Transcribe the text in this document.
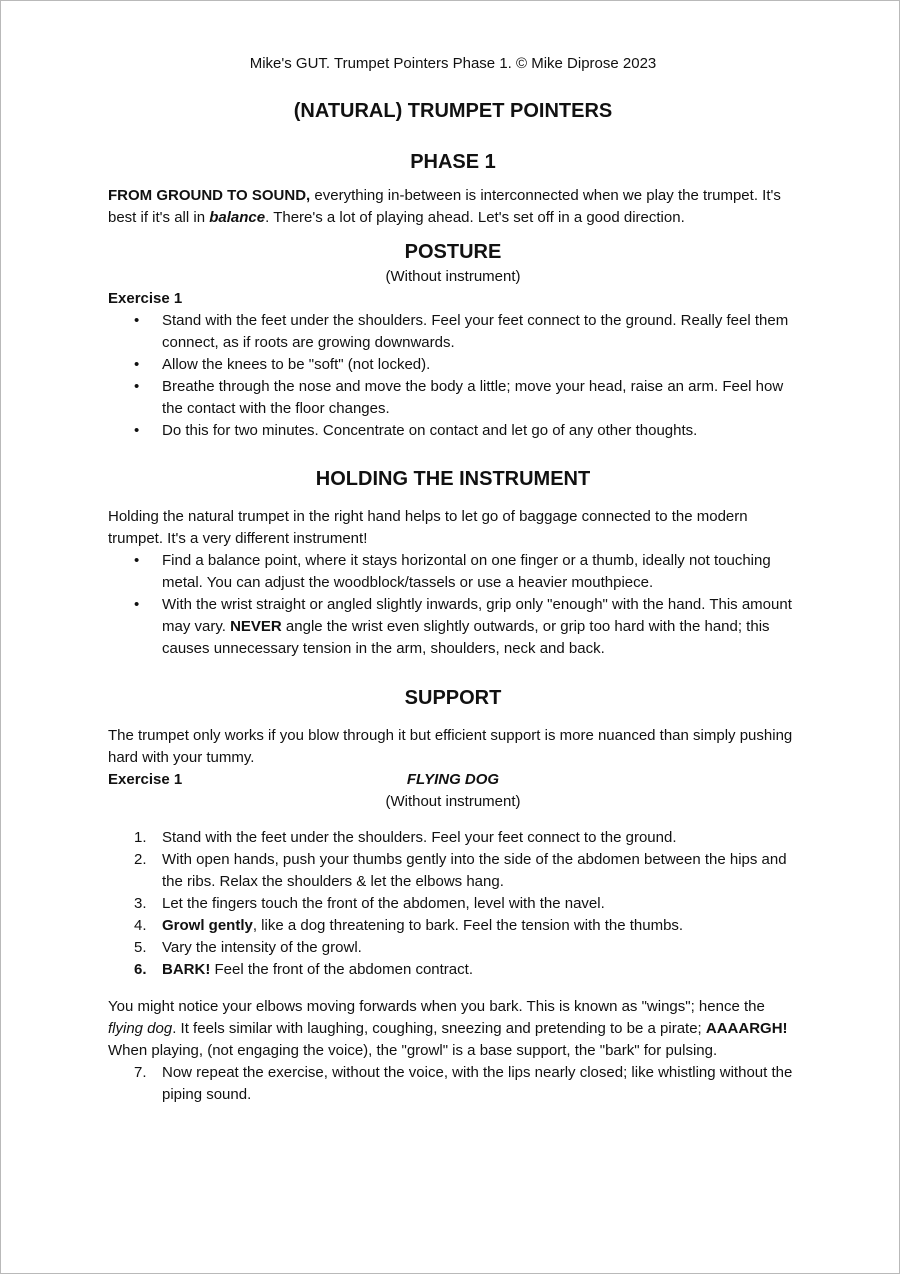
Mike's GUT. Trumpet Pointers Phase 1. © Mike Diprose 2023
(NATURAL) TRUMPET POINTERS
PHASE 1

FROM GROUND TO SOUND, everything in-between is interconnected when we play the trumpet. It's best if it's all in balance. There's a lot of playing ahead. Let's set off in a good direction.

POSTURE
(Without instrument)
Exercise 1
• Stand with the feet under the shoulders. Feel your feet connect to the ground. Really feel them connect, as if roots are growing downwards.
• Allow the knees to be "soft" (not locked).
• Breathe through the nose and move the body a little; move your head, raise an arm. Feel how the contact with the floor changes.
• Do this for two minutes. Concentrate on contact and let go of any other thoughts.
HOLDING THE INSTRUMENT

Holding the natural trumpet in the right hand helps to let go of baggage connected to the modern trumpet. It's a very different instrument!

• Find a balance point, where it stays horizontal on one finger or a thumb, ideally not touching metal. You can adjust the woodblock/tassels or use a heavier mouthpiece.
• With the wrist straight or angled slightly inwards, grip only "enough" with the hand. This amount may vary. NEVER angle the wrist even slightly outwards, or grip too hard with the hand; this causes unnecessary tension in the arm, shoulders, neck and back.
SUPPORT

The trumpet only works if you blow through it but efficient support is more nuanced than simply pushing hard with your tummy.

Exercise 1	FLYING DOG
(Without instrument)
1.	Stand with the feet under the shoulders. Feel your feet connect to the ground.
2.	With open hands, push your thumbs gently into the side of the abdomen between the hips and the ribs. Relax the shoulders & let the elbows hang.
3.	Let the fingers touch the front of the abdomen, level with the navel.
4.	Growl gently, like a dog threatening to bark. Feel the tension with the thumbs.
5.	Vary the intensity of the growl.
6.	BARK! Feel the front of the abdomen contract.

You might notice your elbows moving forwards when you bark. This is known as "wings"; hence the flying dog. It feels similar with laughing, coughing, sneezing and pretending to be a pirate; AAAARGH!

When playing, (not engaging the voice), the "growl" is a base support, the "bark" for pulsing.

7.	Now repeat the exercise, without the voice, with the lips nearly closed; like whistling without the piping sound.
